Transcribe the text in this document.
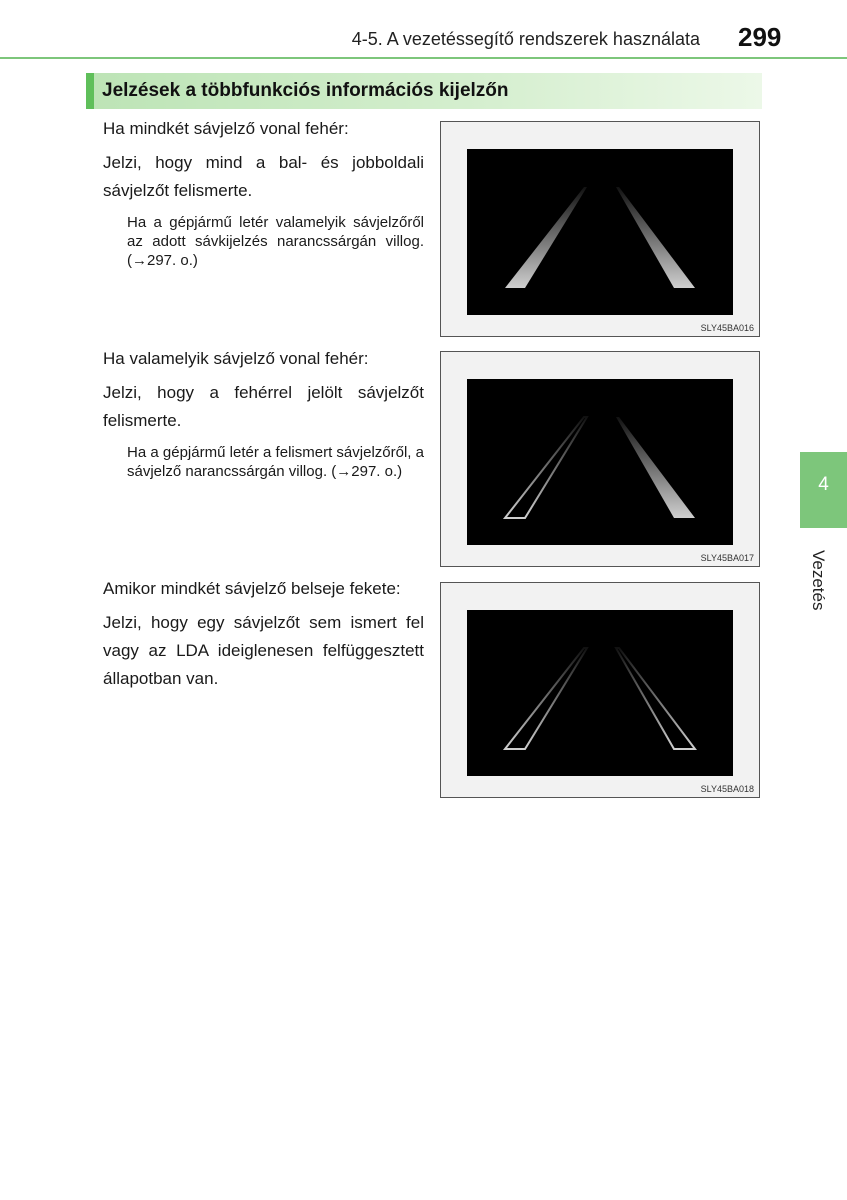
4-5. A vezetéssegítő rendszerek használata 299
Jelzések a többfunkciós információs kijelzőn

Ha mindkét sávjelző vonal fehér:

Jelzi, hogy mind a bal- és jobboldali sávjelzőt felismerte.

Ha a gépjármű letér valamelyik sávjelzőről az adott sávkijelzés narancssárgán villog. (→297. o.)

SLY45BA016

Ha valamelyik sávjelző vonal fehér:

Jelzi, hogy a fehérrel jelölt sávjelzőt felismerte.

Ha a gépjármű letér a felismert sávjelzőről, a sávjelző narancssárgán villog. (→297. o.)

SLY45BA017

Amikor mindkét sávjelző belseje fekete:

Jelzi, hogy egy sávjelzőt sem ismert fel vagy az LDA ideiglenesen felfüggesztett állapotban van.

SLY45BA018
4
Vezetés
